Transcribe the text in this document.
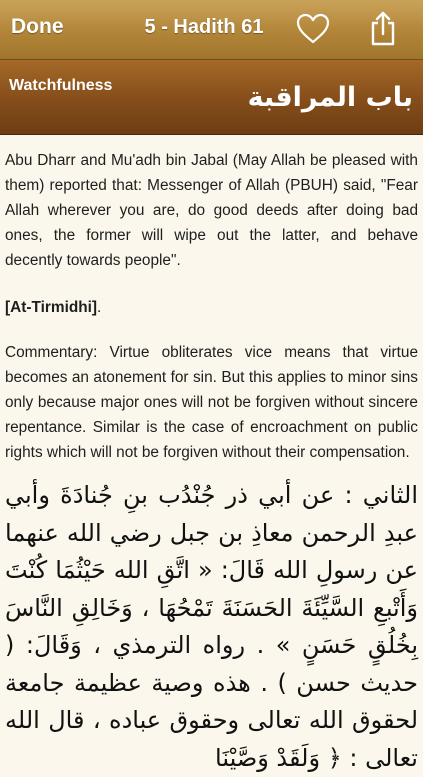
Done	5 - Hadith 61
Watchfulness	باب المراقبة

Abu Dharr and Mu'adh bin Jabal (May Allah be pleased with them) reported that: Messenger of Allah (PBUH) said, "Fear Allah wherever you are, do good deeds after doing bad ones, the former will wipe out the latter, and behave decently towards people".

[At-Tirmidhi].

Commentary: Virtue obliterates vice means that virtue becomes an atonement for sin. But this applies to minor sins only because major ones will not be forgiven without sincere repentance. Similar is the case of encroachment on public rights which will not be forgiven without their compensation.

الثاني : عن أبي ذر جُنْدُب بنِ جُنادَةَ وأبي عبدِ الرحمن معاذِ بن جبل رضي الله عنهما عن رسولِ الله قَالَ: « اتَّقِ الله حَيْثُمَا كُنْتَ وَأَتْبعِ السَّيِّئَةَ الحَسَنَةَ تَمْحُهَا ، وَخَالِقِ النَّاسَ بِخُلُقٍ حَسَنٍ » . رواه الترمذي ، وَقَالَ: ( حديث حسن ) . هذه وصية عظيمة جامعة لحقوق الله تعالى وحقوق عباده ، قال الله تعالى : ﴿ وَلَقَدْ وَصَّيْنَا
